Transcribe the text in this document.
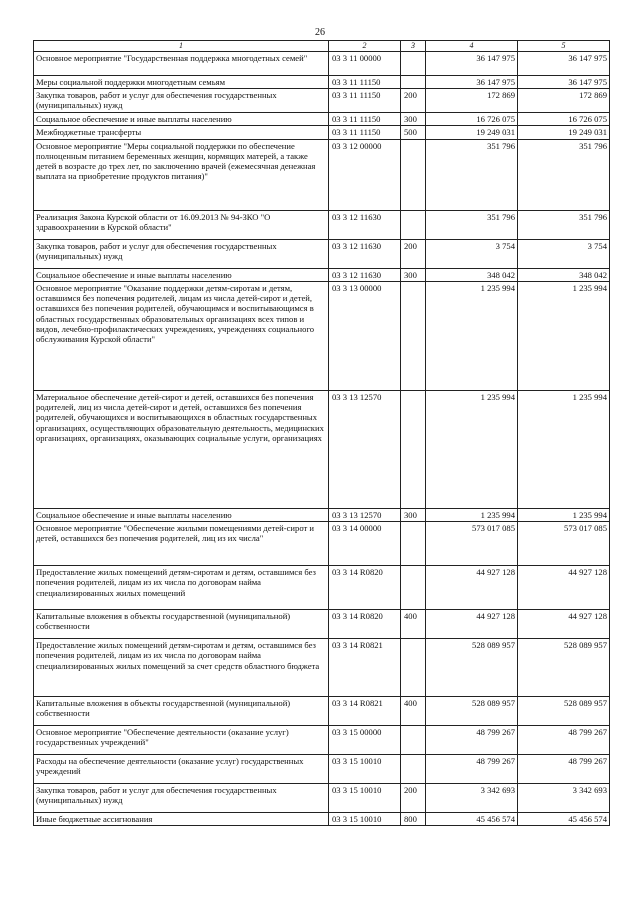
26
1	2	3	4	5
Основное мероприятие "Государственная поддержка многодетных семей"	03 3 11 00000		36 147 975	36 147 975
Меры социальной поддержки многодетным семьям	03 3 11 11150		36 147 975	36 147 975
Закупка товаров, работ и услуг для обеспечения государственных (муниципальных) нужд	03 3 11 11150	200	172 869	172 869
Социальное обеспечение и иные выплаты населению	03 3 11 11150	300	16 726 075	16 726 075
Межбюджетные трансферты	03 3 11 11150	500	19 249 031	19 249 031
Основное мероприятие "Меры социальной поддержки по обеспечение полноценным питанием беременных женщин, кормящих матерей, а также детей в возрасте до трех лет, по заключению врачей (ежемесячная денежная выплата на приобретение продуктов питания)"	03 3 12 00000		351 796	351 796
Реализация Закона Курской области от 16.09.2013 № 94-ЗКО "О здравоохранении в Курской области"	03 3 12 11630		351 796	351 796
Закупка товаров, работ и услуг для обеспечения государственных (муниципальных) нужд	03 3 12 11630	200	3 754	3 754
Социальное обеспечение и иные выплаты населению	03 3 12 11630	300	348 042	348 042
Основное мероприятие "Оказание поддержки детям-сиротам и детям, оставшимся без попечения родителей, лицам из числа детей-сирот и детей, оставшихся без попечения родителей, обучающимся и воспитывающимся в областных государственных образовательных организациях всех типов и видов, лечебно-профилактических учреждениях, учреждениях социального обслуживания Курской области"	03 3 13 00000		1 235 994	1 235 994
Материальное обеспечение детей-сирот и детей, оставшихся без попечения родителей, лиц из числа детей-сирот и детей, оставшихся без попечения родителей, обучающихся и воспитывающихся в областных государственных организациях, осуществляющих образовательную деятельность, медицинских организациях, организациях, оказывающих социальные услуги, организациях	03 3 13 12570		1 235 994	1 235 994
Социальное обеспечение и иные выплаты населению	03 3 13 12570	300	1 235 994	1 235 994
Основное мероприятие "Обеспечение жилыми помещениями детей-сирот и детей, оставшихся без попечения родителей, лиц из их числа"	03 3 14 00000		573 017 085	573 017 085
Предоставление жилых помещений детям-сиротам и детям, оставшимся без попечения родителей, лицам из их числа по договорам найма специализированных жилых помещений	03 3 14 R0820		44 927 128	44 927 128
Капитальные вложения в объекты государственной (муниципальной) собственности	03 3 14 R0820	400	44 927 128	44 927 128
Предоставление жилых помещений детям-сиротам и детям, оставшимся без попечения родителей, лицам из их числа по договорам найма специализированных жилых помещений за счет средств областного бюджета	03 3 14 R0821		528 089 957	528 089 957
Капитальные вложения в объекты государственной (муниципальной) собственности	03 3 14 R0821	400	528 089 957	528 089 957
Основное мероприятие "Обеспечение деятельности (оказание услуг) государственных учреждений"	03 3 15 00000		48 799 267	48 799 267
Расходы на обеспечение деятельности (оказание услуг) государственных учреждений	03 3 15 10010		48 799 267	48 799 267
Закупка товаров, работ и услуг для обеспечения государственных (муниципальных) нужд	03 3 15 10010	200	3 342 693	3 342 693
Иные бюджетные ассигнования	03 3 15 10010	800	45 456 574	45 456 574
